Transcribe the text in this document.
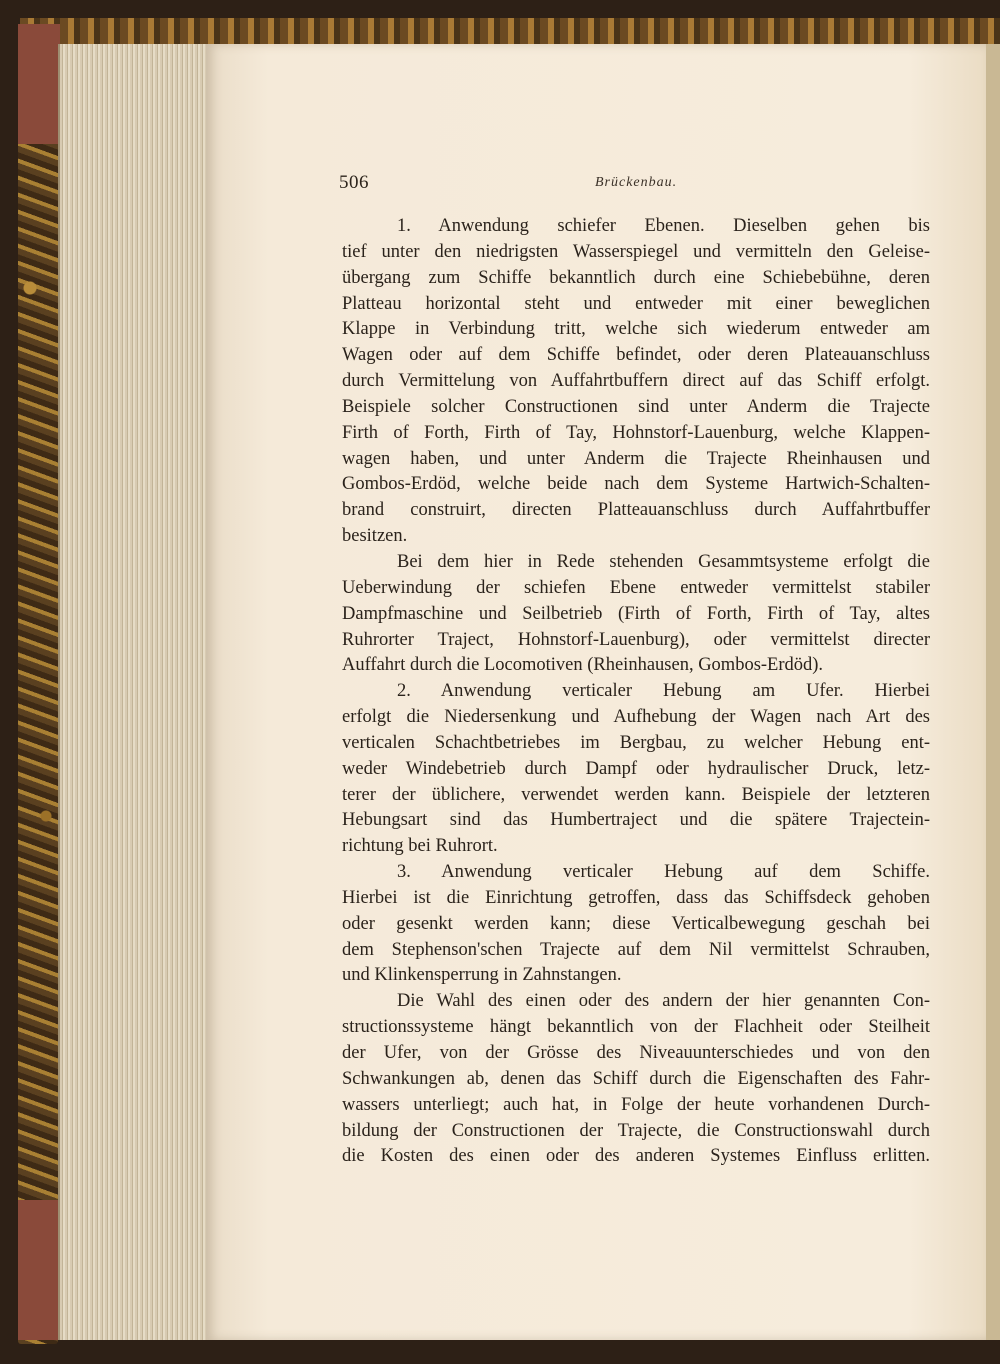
506	Brückenbau.
1. Anwendung schiefer Ebenen. Dieselben gehen bis
tief unter den niedrigsten Wasserspiegel und vermitteln den Geleise-
übergang zum Schiffe bekanntlich durch eine Schiebebühne, deren
Platteau horizontal steht und entweder mit einer beweglichen
Klappe in Verbindung tritt, welche sich wiederum entweder am
Wagen oder auf dem Schiffe befindet, oder deren Plateauanschluss
durch Vermittelung von Auffahrtbuffern direct auf das Schiff erfolgt.
Beispiele solcher Constructionen sind unter Anderm die Trajecte
Firth of Forth, Firth of Tay, Hohnstorf-Lauenburg, welche Klappen-
wagen haben, und unter Anderm die Trajecte Rheinhausen und
Gombos-Erdöd, welche beide nach dem Systeme Hartwich-Schalten-
brand construirt, directen Platteauanschluss durch Auffahrtbuffer
besitzen.
Bei dem hier in Rede stehenden Gesammtsysteme erfolgt die
Ueberwindung der schiefen Ebene entweder vermittelst stabiler
Dampfmaschine und Seilbetrieb (Firth of Forth, Firth of Tay, altes
Ruhrorter Traject, Hohnstorf-Lauenburg), oder vermittelst directer
Auffahrt durch die Locomotiven (Rheinhausen, Gombos-Erdöd).
2. Anwendung verticaler Hebung am Ufer. Hierbei
erfolgt die Niedersenkung und Aufhebung der Wagen nach Art des
verticalen Schachtbetriebes im Bergbau, zu welcher Hebung ent-
weder Windebetrieb durch Dampf oder hydraulischer Druck, letz-
terer der üblichere, verwendet werden kann. Beispiele der letzteren
Hebungsart sind das Humbertraject und die spätere Trajectein-
richtung bei Ruhrort.
3. Anwendung verticaler Hebung auf dem Schiffe.
Hierbei ist die Einrichtung getroffen, dass das Schiffsdeck gehoben
oder gesenkt werden kann; diese Verticalbewegung geschah bei
dem Stephenson'schen Trajecte auf dem Nil vermittelst Schrauben,
und Klinkensperrung in Zahnstangen.
Die Wahl des einen oder des andern der hier genannten Con-
structionssysteme hängt bekanntlich von der Flachheit oder Steilheit
der Ufer, von der Grösse des Niveauunterschiedes und von den
Schwankungen ab, denen das Schiff durch die Eigenschaften des Fahr-
wassers unterliegt; auch hat, in Folge der heute vorhandenen Durch-
bildung der Constructionen der Trajecte, die Constructionswahl durch
die Kosten des einen oder des anderen Systemes Einfluss erlitten.
